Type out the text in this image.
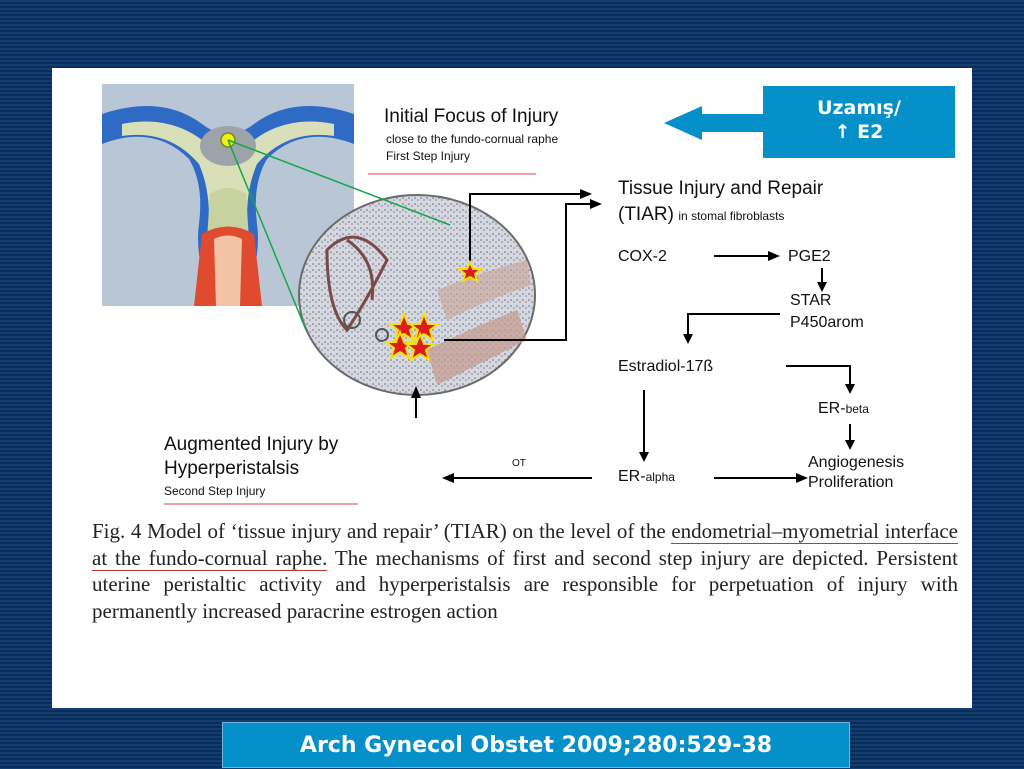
Uzamış/
↑ E2
Initial Focus of Injury
close to the fundo-cornual raphe
First Step Injury
Tissue Injury and Repair
(TIAR) in stomal fibroblasts
COX-2	PGE2
STAR
P450arom
Estradiol-17ß
ER-beta
Angiogenesis
Proliferation
ER-alpha
OT
Augmented Injury by
Hyperperistalsis
Second Step Injury
Fig. 4 Model of ‘tissue injury and repair’ (TIAR) on the level of the endometrial–myometrial interface at the fundo-cornual raphe. The mechanisms of first and second step injury are depicted. Persistent uterine peristaltic activity and hyperperistalsis are responsible for perpetuation of injury with permanently increased paracrine estrogen action
Arch Gynecol Obstet 2009;280:529-38
